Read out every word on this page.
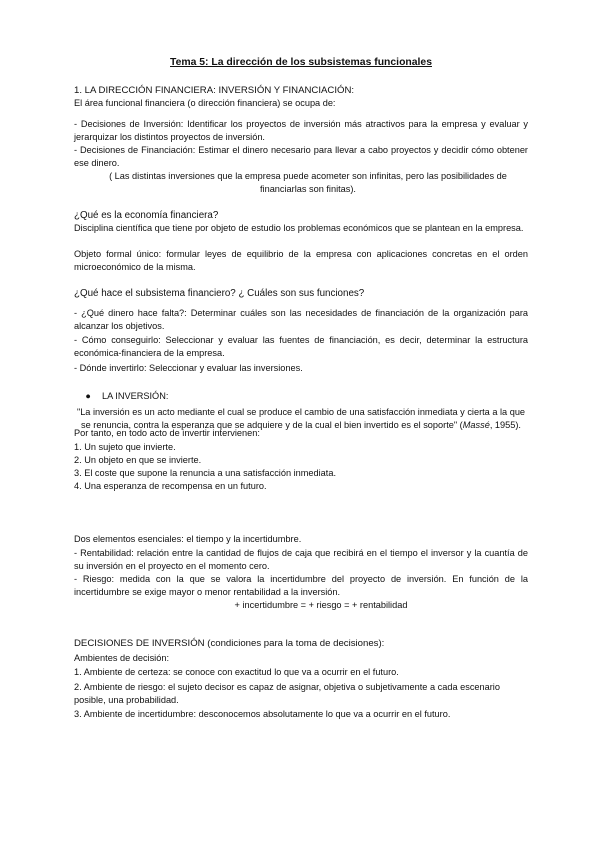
Tema 5: La dirección de los subsistemas funcionales

1. LA DIRECCIÓN FINANCIERA: INVERSIÓN Y FINANCIACIÓN:

El área funcional financiera (o dirección financiera) se ocupa de:

- Decisiones de Inversión: Identificar los proyectos de inversión más atractivos para la empresa y evaluar y jerarquizar los distintos proyectos de inversión.
- Decisiones de Financiación: Estimar el dinero necesario para llevar a cabo proyectos y decidir cómo obtener ese dinero.
( Las distintas inversiones que la empresa puede acometer son infinitas, pero las posibilidades de financiarlas son finitas).

¿Qué es la economía financiera?

Disciplina científica que tiene por objeto de estudio los problemas económicos que se plantean en la empresa.
Objeto formal único: formular leyes de equilibrio de la empresa con aplicaciones concretas en el orden microeconómico de la misma.

¿Qué hace el subsistema financiero? ¿ Cuáles son sus funciones?

- ¿Qué dinero hace falta?: Determinar cuáles son las necesidades de financiación de la organización para alcanzar los objetivos.
- Cómo conseguirlo: Seleccionar y evaluar las fuentes de financiación, es decir, determinar la estructura económica-financiera de la empresa.
- Dónde invertirlo: Seleccionar y evaluar las inversiones.
● LA INVERSIÓN:
"La inversión es un acto mediante el cual se produce el cambio de una satisfacción inmediata y cierta a la que se renuncia, contra la esperanza que se adquiere y de la cual el bien invertido es el soporte" (Massé, 1955).
Por tanto, en todo acto de invertir intervienen:

1. Un sujeto que invierte.

2. Un objeto en que se invierte.

3. El coste que supone la renuncia a una satisfacción inmediata.

4. Una esperanza de recompensa en un futuro.

Dos elementos esenciales: el tiempo y la incertidumbre.
- Rentabilidad: relación entre la cantidad de flujos de caja que recibirá en el tiempo el inversor y la cuantía de su inversión en el proyecto en el momento cero.
- Riesgo: medida con la que se valora la incertidumbre del proyecto de inversión. En función de la incertidumbre se exige mayor o menor rentabilidad a la inversión.
+ incertidumbre = + riesgo = + rentabilidad

DECISIONES DE INVERSIÓN (condiciones para la toma de decisiones):

Ambientes de decisión:

1. Ambiente de certeza: se conoce con exactitud lo que va a ocurrir en el futuro.

2. Ambiente de riesgo: el sujeto decisor es capaz de asignar, objetiva o subjetivamente a cada escenario posible, una probabilidad.

3. Ambiente de incertidumbre: desconocemos absolutamente lo que va a ocurrir en el futuro.
